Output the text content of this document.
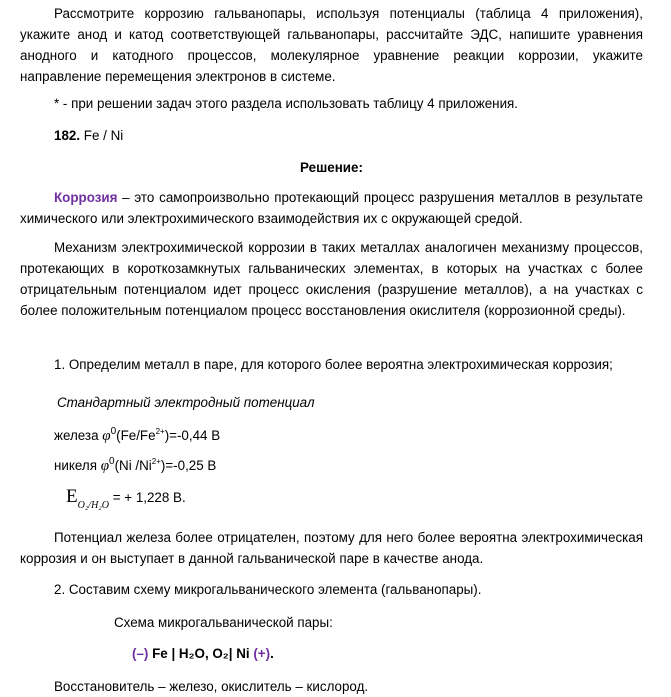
Рассмотрите коррозию гальванопары, используя потенциалы (таблица 4 приложения), укажите анод и катод соответствующей гальванопары, рассчитайте ЭДС, напишите уравнения анодного и катодного процессов, молекулярное уравнение реакции коррозии, укажите направление перемещения электронов в системе.

* - при решении задач этого раздела использовать таблицу 4 приложения.

182. Fe / Ni

Решение:

Коррозия – это самопроизвольно протекающий процесс разрушения металлов в результате химического или электрохимического взаимодействия их с окружающей средой.

Механизм электрохимической коррозии в таких металлах аналогичен механизму процессов, протекающих в короткозамкнутых гальванических элементах, в которых на участках с более отрицательным потенциалом идет процесс окисления (разрушение металлов), а на участках с более положительным потенциалом процесс восстановления окислителя (коррозионной среды).

1. Определим металл в паре, для которого более вероятна электрохимическая коррозия;

Стандартный электродный потенциал

железа $\varphi^0(Fe/Fe^{2+})=-0,44$ В

никеля $\varphi^0(Ni$ $/Ni^{2+})=-0,25$ В

$E_{O_2/H_2O}$ = + 1,228 В.

Потенциал железа более отрицателен, поэтому для него более вероятна электрохимическая коррозия и он выступает в данной гальванической паре в качестве анода.

2. Составим схему микрогальванического элемента (гальванопары).

Схема микрогальванической пары:

(–) Fe | H₂O, O₂| Ni (+).

Восстановитель – железо, окислитель – кислород.
